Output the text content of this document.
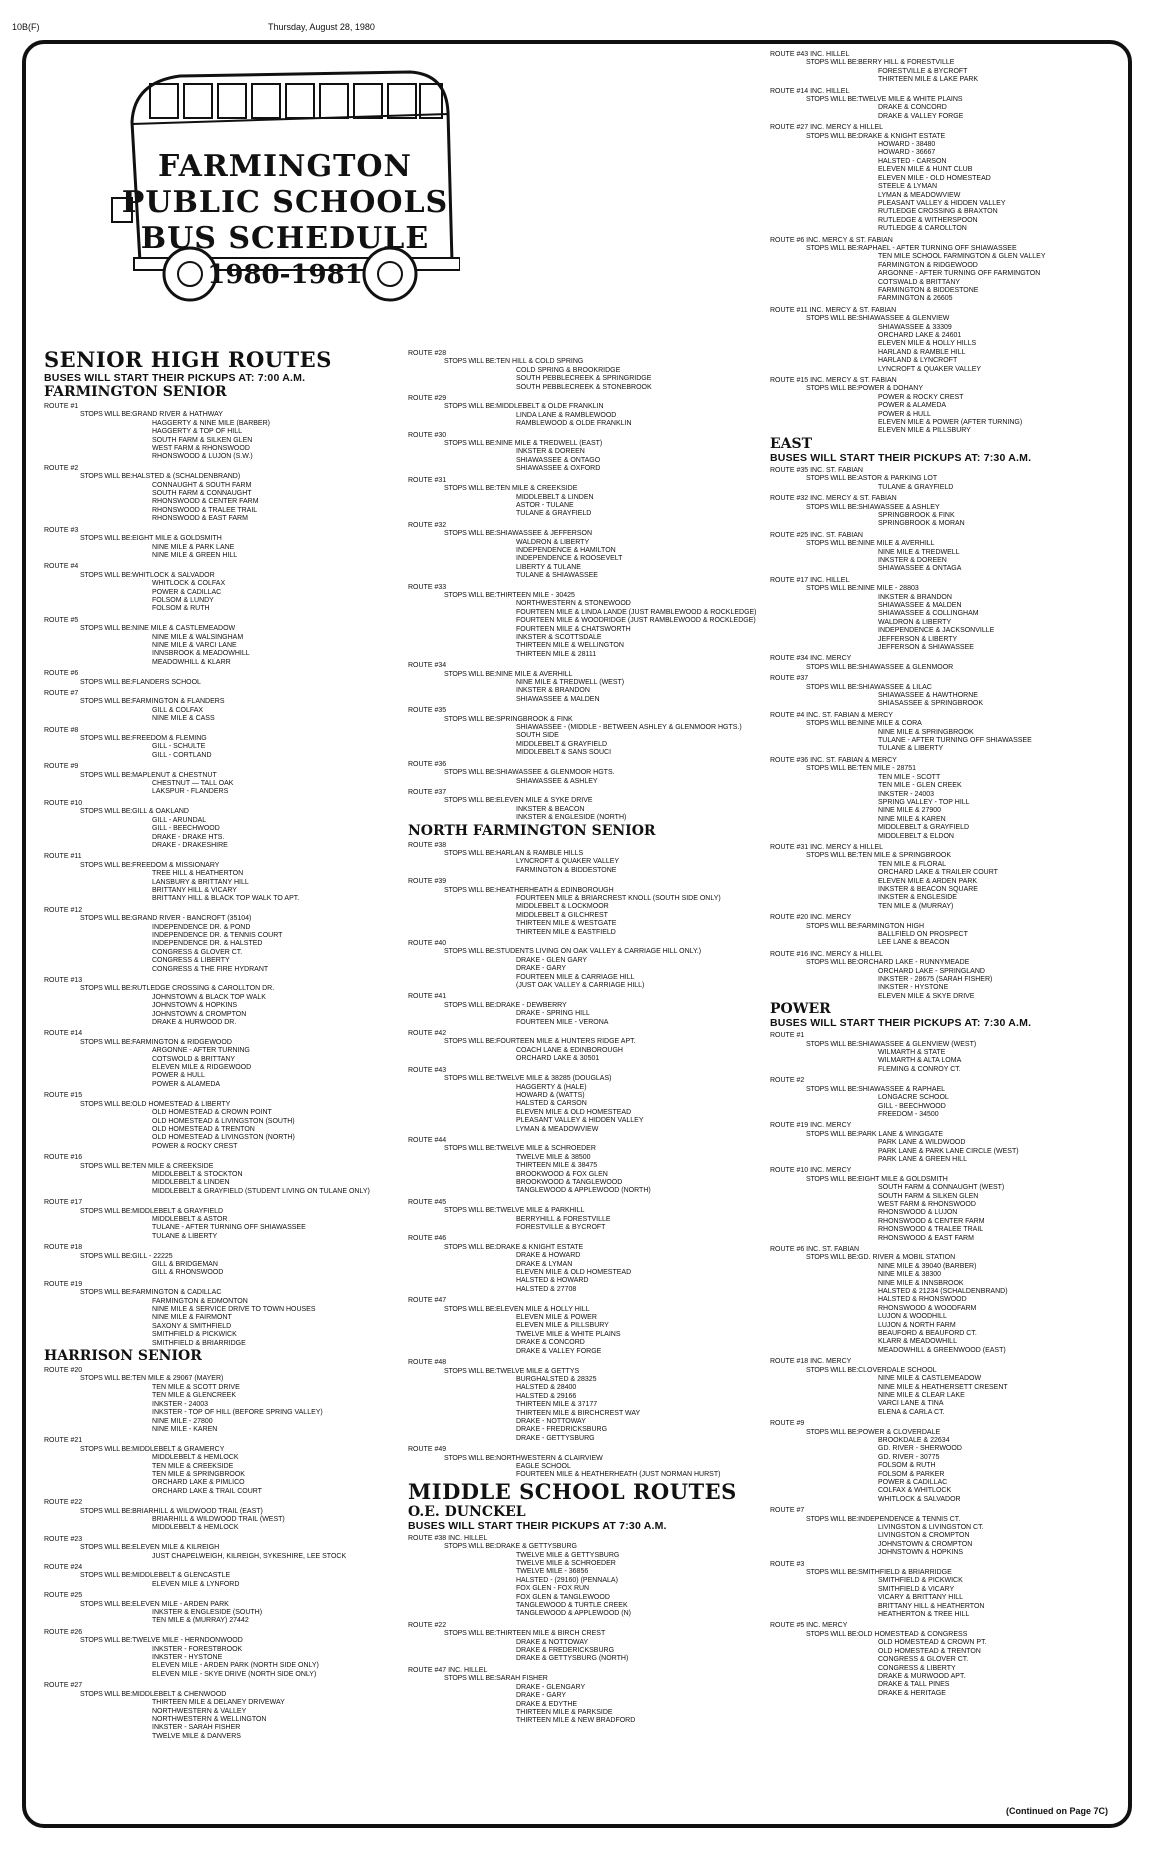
10B(F)	Thursday, August 28, 1980
FARMINGTON
PUBLIC SCHOOLS
BUS SCHEDULE
1980-1981
SENIOR HIGH ROUTES
BUSES WILL START THEIR PICKUPS AT: 7:00 A.M.
FARMINGTON SENIOR
ROUTE #1
STOPS WILL BE:GRAND RIVER & HATHWAY
HAGGERTY & NINE MILE (BARBER)
HAGGERTY & TOP OF HILL
SOUTH FARM & SILKEN GLEN
WEST FARM & RHONSWOOD
RHONSWOOD & LUJON (S.W.)
ROUTE #2
STOPS WILL BE:HALSTED & (SCHALDENBRAND)
CONNAUGHT & SOUTH FARM
SOUTH FARM & CONNAUGHT
RHONSWOOD & CENTER FARM
RHONSWOOD & TRALEE TRAIL
RHONSWOOD & EAST FARM
ROUTE #3
STOPS WILL BE:EIGHT MILE & GOLDSMITH
NINE MILE & PARK LANE
NINE MILE & GREEN HILL
ROUTE #4
STOPS WILL BE:WHITLOCK & SALVADOR
WHITLOCK & COLFAX
POWER & CADILLAC
FOLSOM & LUNDY
FOLSOM & RUTH
ROUTE #5
STOPS WILL BE:NINE MILE & CASTLEMEADOW
NINE MILE & WALSINGHAM
NINE MILE & VARCI LANE
INNSBROOK & MEADOWHILL
MEADOWHILL & KLARR
ROUTE #6
STOPS WILL BE:FLANDERS SCHOOL
ROUTE #7
STOPS WILL BE:FARMINGTON & FLANDERS
GILL & COLFAX
NINE MILE & CASS
ROUTE #8
STOPS WILL BE:FREEDOM & FLEMING
GILL - SCHULTE
GILL - CORTLAND
ROUTE #9
STOPS WILL BE:MAPLENUT & CHESTNUT
CHESTNUT — TALL OAK
LAKSPUR - FLANDERS
ROUTE #10
STOPS WILL BE:GILL & OAKLAND
GILL - ARUNDAL
GILL - BEECHWOOD
DRAKE - DRAKE HTS.
DRAKE - DRAKESHIRE
ROUTE #11
STOPS WILL BE:FREEDOM & MISSIONARY
TREE HILL & HEATHERTON
LANSBURY & BRITTANY HILL
BRITTANY HILL & VICARY
BRITTANY HILL & BLACK TOP WALK TO APT.
ROUTE #12
STOPS WILL BE:GRAND RIVER - BANCROFT (35104)
INDEPENDENCE DR. & POND
INDEPENDENCE DR. & TENNIS COURT
INDEPENDENCE DR. & HALSTED
CONGRESS & GLOVER CT.
CONGRESS & LIBERTY
CONGRESS & THE FIRE HYDRANT
ROUTE #13
STOPS WILL BE:RUTLEDGE CROSSING & CAROLLTON DR.
JOHNSTOWN & BLACK TOP WALK
JOHNSTOWN & HOPKINS
JOHNSTOWN & CROMPTON
DRAKE & HURWOOD DR.
ROUTE #14
STOPS WILL BE:FARMINGTON & RIDGEWOOD
ARGONNE - AFTER TURNING
COTSWOLD & BRITTANY
ELEVEN MILE & RIDGEWOOD
POWER & HULL
POWER & ALAMEDA
ROUTE #15
STOPS WILL BE:OLD HOMESTEAD & LIBERTY
OLD HOMESTEAD & CROWN POINT
OLD HOMESTEAD & LIVINGSTON (SOUTH)
OLD HOMESTEAD & TRENTON
OLD HOMESTEAD & LIVINGSTON (NORTH)
POWER & ROCKY CREST
ROUTE #16
STOPS WILL BE:TEN MILE & CREEKSIDE
MIDDLEBELT & STOCKTON
MIDDLEBELT & LINDEN
MIDDLEBELT & GRAYFIELD (STUDENT LIVING ON TULANE ONLY)
ROUTE #17
STOPS WILL BE:MIDDLEBELT & GRAYFIELD
MIDDLEBELT & ASTOR
TULANE - AFTER TURNING OFF SHIAWASSEE
TULANE & LIBERTY
ROUTE #18
STOPS WILL BE:GILL - 22225
GILL & BRIDGEMAN
GILL & RHONSWOOD
ROUTE #19
STOPS WILL BE:FARMINGTON & CADILLAC
FARMINGTON & EDMONTON
NINE MILE & SERVICE DRIVE TO TOWN HOUSES
NINE MILE & FAIRMONT
SAXONY & SMITHFIELD
SMITHFIELD & PICKWICK
SMITHFIELD & BRIARRIDGE
HARRISON SENIOR
ROUTE #20
STOPS WILL BE:TEN MILE & 29067 (MAYER)
TEN MILE & SCOTT DRIVE
TEN MILE & GLENCREEK
INKSTER - 24003
INKSTER - TOP OF HILL (BEFORE SPRING VALLEY)
NINE MILE - 27800
NINE MILE - KAREN
ROUTE #21
STOPS WILL BE:MIDDLEBELT & GRAMERCY
MIDDLEBELT & HEMLOCK
TEN MILE & CREEKSIDE
TEN MILE & SPRINGBROOK
ORCHARD LAKE & PIMLICO
ORCHARD LAKE & TRAIL COURT
ROUTE #22
STOPS WILL BE:BRIARHILL & WILDWOOD TRAIL (EAST)
BRIARHILL & WILDWOOD TRAIL (WEST)
MIDDLEBELT & HEMLOCK
ROUTE #23
STOPS WILL BE:ELEVEN MILE & KILREIGH
JUST CHAPELWEIGH, KILREIGH, SYKESHIRE, LEE STOCK
ROUTE #24
STOPS WILL BE:MIDDLEBELT & GLENCASTLE
ELEVEN MILE & LYNFORD
ROUTE #25
STOPS WILL BE:ELEVEN MILE - ARDEN PARK
INKSTER & ENGLESIDE (SOUTH)
TEN MILE & (MURRAY) 27442
ROUTE #26
STOPS WILL BE:TWELVE MILE - HERNDONWOOD
INKSTER - FORESTBROOK
INKSTER - HYSTONE
ELEVEN MILE - ARDEN PARK (NORTH SIDE ONLY)
ELEVEN MILE - SKYE DRIVE (NORTH SIDE ONLY)
ROUTE #27
STOPS WILL BE:MIDDLEBELT & CHENWOOD
THIRTEEN MILE & DELANEY DRIVEWAY
NORTHWESTERN & VALLEY
NORTHWESTERN & WELLINGTON
INKSTER - SARAH FISHER
TWELVE MILE & DANVERS
ROUTE #28
STOPS WILL BE:TEN HILL & COLD SPRING
COLD SPRING & BROOKRIDGE
SOUTH PEBBLECREEK & SPRINGRIDGE
SOUTH PEBBLECREEK & STONEBROOK
ROUTE #29
STOPS WILL BE:MIDDLEBELT & OLDE FRANKLIN
LINDA LANE & RAMBLEWOOD
RAMBLEWOOD & OLDE FRANKLIN
ROUTE #30
STOPS WILL BE:NINE MILE & TREDWELL (EAST)
INKSTER & DOREEN
SHIAWASSEE & ONTAGO
SHIAWASSEE & OXFORD
ROUTE #31
STOPS WILL BE:TEN MILE & CREEKSIDE
MIDDLEBELT & LINDEN
ASTOR - TULANE
TULANE & GRAYFIELD
ROUTE #32
STOPS WILL BE:SHIAWASSEE & JEFFERSON
WALDRON & LIBERTY
INDEPENDENCE & HAMILTON
INDEPENDENCE & ROOSEVELT
LIBERTY & TULANE
TULANE & SHIAWASSEE
ROUTE #33
STOPS WILL BE:THIRTEEN MILE - 30425
NORTHWESTERN & STONEWOOD
FOURTEEN MILE & LINDA LANDE (JUST RAMBLEWOOD & ROCKLEDGE)
FOURTEEN MILE & WOODRIDGE (JUST RAMBLEWOOD & ROCKLEDGE)
FOURTEEN MILE & CHATSWORTH
INKSTER & SCOTTSDALE
THIRTEEN MILE & WELLINGTON
THIRTEEN MILE & 28111
ROUTE #34
STOPS WILL BE:NINE MILE & AVERHILL
NINE MILE & TREDWELL (WEST)
INKSTER & BRANDON
SHIAWASSEE & MALDEN
ROUTE #35
STOPS WILL BE:SPRINGBROOK & FINK
SHIAWASSEE - (MIDDLE - BETWEEN ASHLEY & GLENMOOR HGTS.) SOUTH SIDE
MIDDLEBELT & GRAYFIELD
MIDDLEBELT & SANS SOUCI
ROUTE #36
STOPS WILL BE:SHIAWASSEE & GLENMOOR HGTS.
SHIAWASSEE & ASHLEY
ROUTE #37
STOPS WILL BE:ELEVEN MILE & SYKE DRIVE
INKSTER & BEACON
INKSTER & ENGLESIDE (NORTH)
NORTH FARMINGTON SENIOR
ROUTE #38
STOPS WILL BE:HARLAN & RAMBLE HILLS
LYNCROFT & QUAKER VALLEY
FARMINGTON & BIDDESTONE
ROUTE #39
STOPS WILL BE:HEATHERHEATH & EDINBOROUGH
FOURTEEN MILE & BRIARCREST KNOLL (SOUTH SIDE ONLY)
MIDDLEBELT & LOCKMOOR
MIDDLEBELT & GILCHREST
THIRTEEN MILE & WESTGATE
THIRTEEN MILE & EASTFIELD
ROUTE #40
STOPS WILL BE:STUDENTS LIVING ON OAK VALLEY & CARRIAGE HILL ONLY.)
DRAKE - GLEN GARY
DRAKE - GARY
FOURTEEN MILE & CARRIAGE HILL
(JUST OAK VALLEY & CARRIAGE HILL)
ROUTE #41
STOPS WILL BE:DRAKE - DEWBERRY
DRAKE - SPRING HILL
FOURTEEN MILE - VERONA
ROUTE #42
STOPS WILL BE:FOURTEEN MILE & HUNTERS RIDGE APT.
COACH LANE & EDINBOROUGH
ORCHARD LAKE & 30501
ROUTE #43
STOPS WILL BE:TWELVE MILE & 38285 (DOUGLAS)
HAGGERTY & (HALE)
HOWARD & (WATTS)
HALSTED & CARSON
ELEVEN MILE & OLD HOMESTEAD
PLEASANT VALLEY & HIDDEN VALLEY
LYMAN & MEADOWVIEW
ROUTE #44
STOPS WILL BE:TWELVE MILE & SCHROEDER
TWELVE MILE & 38500
THIRTEEN MILE & 38475
BROOKWOOD & FOX GLEN
BROOKWOOD & TANGLEWOOD
TANGLEWOOD & APPLEWOOD (NORTH)
ROUTE #45
STOPS WILL BE:TWELVE MILE & PARKHILL
BERRYHILL & FORESTVILLE
FORESTVILLE & BYCROFT
ROUTE #46
STOPS WILL BE:DRAKE & KNIGHT ESTATE
DRAKE & HOWARD
DRAKE & LYMAN
ELEVEN MILE & OLD HOMESTEAD
HALSTED & HOWARD
HALSTED & 27708
ROUTE #47
STOPS WILL BE:ELEVEN MILE & HOLLY HILL
ELEVEN MILE & POWER
ELEVEN MILE & PILLSBURY
TWELVE MILE & WHITE PLAINS
DRAKE & CONCORD
DRAKE & VALLEY FORGE
ROUTE #48
STOPS WILL BE:TWELVE MILE & GETTYS
BURGHALSTED & 28325
HALSTED & 28400
HALSTED & 29166
THIRTEEN MILE & 37177
THIRTEEN MILE & BIRCHCREST WAY
DRAKE - NOTTOWAY
DRAKE - FREDRICKSBURG
DRAKE - GETTYSBURG
ROUTE #49
STOPS WILL BE:NORTHWESTERN & CLAIRVIEW
EAGLE SCHOOL
FOURTEEN MILE & HEATHERHEATH (JUST NORMAN HURST)
MIDDLE SCHOOL ROUTES
O.E. DUNCKEL
BUSES WILL START THEIR PICKUPS AT 7:30 A.M.
ROUTE #38 INC. HILLEL
STOPS WILL BE:DRAKE & GETTYSBURG
TWELVE MILE & GETTYSBURG
TWELVE MILE & SCHROEDER
TWELVE MILE - 36856
HALSTED - (29160) (PENNALA)
FOX GLEN - FOX RUN
FOX GLEN & TANGLEWOOD
TANGLEWOOD & TURTLE CREEK
TANGLEWOOD & APPLEWOOD (N)
ROUTE #22
STOPS WILL BE:THIRTEEN MILE & BIRCH CREST
DRAKE & NOTTOWAY
DRAKE & FREDERICKSBURG
DRAKE & GETTYSBURG (NORTH)
ROUTE #47 INC. HILLEL
STOPS WILL BE:SARAH FISHER
DRAKE - GLENGARY
DRAKE - GARY
DRAKE & EDYTHE
THIRTEEN MILE & PARKSIDE
THIRTEEN MILE & NEW BRADFORD
ROUTE #43 INC. HILLEL
STOPS WILL BE:BERRY HILL & FORESTVILLE
FORESTVILLE & BYCROFT
THIRTEEN MILE & LAKE PARK
ROUTE #14 INC. HILLEL
STOPS WILL BE:TWELVE MILE & WHITE PLAINS
DRAKE & CONCORD
DRAKE & VALLEY FORGE
ROUTE #27 INC. MERCY & HILLEL
STOPS WILL BE:DRAKE & KNIGHT ESTATE
HOWARD - 38480
HOWARD - 36667
HALSTED - CARSON
ELEVEN MILE & HUNT CLUB
ELEVEN MILE - OLD HOMESTEAD
STEELE & LYMAN
LYMAN & MEADOWVIEW
PLEASANT VALLEY & HIDDEN VALLEY
RUTLEDGE CROSSING & BRAXTON
RUTLEDGE & WITHERSPOON
RUTLEDGE & CAROLLTON
ROUTE #6 INC. MERCY & ST. FABIAN
STOPS WILL BE:RAPHAEL - AFTER TURNING OFF SHIAWASSEE
TEN MILE SCHOOL FARMINGTON & GLEN VALLEY
FARMINGTON & RIDGEWOOD
ARGONNE - AFTER TURNING OFF FARMINGTON
COTSWALD & BRITTANY
FARMINGTON & BIDDESTONE
FARMINGTON & 26605
ROUTE #11 INC. MERCY & ST. FABIAN
STOPS WILL BE:SHIAWASSEE & GLENVIEW
SHIAWASSEE & 33309
ORCHARD LAKE & 24601
ELEVEN MILE & HOLLY HILLS
HARLAND & RAMBLE HILL
HARLAND & LYNCROFT
LYNCROFT & QUAKER VALLEY
ROUTE #15 INC. MERCY & ST. FABIAN
STOPS WILL BE:POWER & DOHANY
POWER & ROCKY CREST
POWER & ALAMEDA
POWER & HULL
ELEVEN MILE & POWER (AFTER TURNING)
ELEVEN MILE & PILLSBURY
EAST
BUSES WILL START THEIR PICKUPS AT: 7:30 A.M.
ROUTE #35 INC. ST. FABIAN
STOPS WILL BE:ASTOR & PARKING LOT
TULANE & GRAYFIELD
ROUTE #32 INC. MERCY & ST. FABIAN
STOPS WILL BE:SHIAWASSEE & ASHLEY
SPRINGBROOK & FINK
SPRINGBROOK & MORAN
ROUTE #25 INC. ST. FABIAN
STOPS WILL BE:NINE MILE & AVERHILL
NINE MILE & TREDWELL
INKSTER & DOREEN
SHIAWASSEE & ONTAGA
ROUTE #17 INC. HILLEL
STOPS WILL BE:NINE MILE - 28803
INKSTER & BRANDON
SHIAWASSEE & MALDEN
SHIAWASSEE & COLLINGHAM
WALDRON & LIBERTY
INDEPENDENCE & JACKSONVILLE
JEFFERSON & LIBERTY
JEFFERSON & SHIAWASSEE
ROUTE #34 INC. MERCY
STOPS WILL BE:SHIAWASSEE & GLENMOOR
ROUTE #37
STOPS WILL BE:SHIAWASSEE & LILAC
SHIAWASSEE & HAWTHORNE
SHIASASSEE & SPRINGBROOK
ROUTE #4 INC. ST. FABIAN & MERCY
STOPS WILL BE:NINE MILE & CORA
NINE MILE & SPRINGBROOK
TULANE - AFTER TURNING OFF SHIAWASSEE
TULANE & LIBERTY
ROUTE #36 INC. ST. FABIAN & MERCY
STOPS WILL BE:TEN MILE - 28751
TEN MILE - SCOTT
TEN MILE - GLEN CREEK
INKSTER - 24003
SPRING VALLEY - TOP HILL
NINE MILE & 27900
NINE MILE & KAREN
MIDDLEBELT & GRAYFIELD
MIDDLEBELT & ELDON
ROUTE #31 INC. MERCY & HILLEL
STOPS WILL BE:TEN MILE & SPRINGBROOK
TEN MILE & FLORAL
ORCHARD LAKE & TRAILER COURT
ELEVEN MILE & ARDEN PARK
INKSTER & BEACON SQUARE
INKSTER & ENGLESIDE
TEN MILE & (MURRAY)
ROUTE #20 INC. MERCY
STOPS WILL BE:FARMINGTON HIGH
BALLFIELD ON PROSPECT
LEE LANE & BEACON
ROUTE #16 INC. MERCY & HILLEL
STOPS WILL BE:ORCHARD LAKE - RUNNYMEADE
ORCHARD LAKE - SPRINGLAND
INKSTER - 28675 (SARAH FISHER)
INKSTER - HYSTONE
ELEVEN MILE & SKYE DRIVE
POWER
BUSES WILL START THEIR PICKUPS AT: 7:30 A.M.
ROUTE #1
STOPS WILL BE:SHIAWASSEE & GLENVIEW (WEST)
WILMARTH & STATE
WILMARTH & ALTA LOMA
FLEMING & CONROY CT.
ROUTE #2
STOPS WILL BE:SHIAWASSEE & RAPHAEL
LONGACRE SCHOOL
GILL - BEECHWOOD
FREEDOM - 34500
ROUTE #19 INC. MERCY
STOPS WILL BE:PARK LANE & WINGGATE
PARK LANE & WILDWOOD
PARK LANE & PARK LANE CIRCLE (WEST)
PARK LANE & GREEN HILL
ROUTE #10 INC. MERCY
STOPS WILL BE:EIGHT MILE & GOLDSMITH
SOUTH FARM & CONNAUGHT (WEST)
SOUTH FARM & SILKEN GLEN
WEST FARM & RHONSWOOD
RHONSWOOD & LUJON
RHONSWOOD & CENTER FARM
RHONSWOOD & TRALEE TRAIL
RHONSWOOD & EAST FARM
ROUTE #6 INC. ST. FABIAN
STOPS WILL BE:GD. RIVER & MOBIL STATION
NINE MILE & 39040 (BARBER)
NINE MILE & 38300
NINE MILE & INNSBROOK
HALSTED & 21234 (SCHALDENBRAND)
HALSTED & RHONSWOOD
RHONSWOOD & WOODFARM
LUJON & WOODHILL
LUJON & NORTH FARM
BEAUFORD & BEAUFORD CT.
KLARR & MEADOWHILL
MEADOWHILL & GREENWOOD (EAST)
ROUTE #18 INC. MERCY
STOPS WILL BE:CLOVERDALE SCHOOL
NINE MILE & CASTLEMEADOW
NINE MILE & HEATHERSETT CRESENT
NINE MILE & CLEAR LAKE
VARCI LANE & TINA
ELENA & CARLA CT.
ROUTE #9
STOPS WILL BE:POWER & CLOVERDALE
BROOKDALE & 22634
GD. RIVER - SHERWOOD
GD. RIVER - 30775
FOLSOM & RUTH
FOLSOM & PARKER
POWER & CADILLAC
COLFAX & WHITLOCK
WHITLOCK & SALVADOR
ROUTE #7
STOPS WILL BE:INDEPENDENCE & TENNIS CT.
LIVINGSTON & LIVINGSTON CT.
LIVINGSTON & CROMPTON
JOHNSTOWN & CROMPTON
JOHNSTOWN & HOPKINS
ROUTE #3
STOPS WILL BE:SMITHFIELD & BRIARRIDGE
SMITHFIELD & PICKWICK
SMITHFIELD & VICARY
VICARY & BRITTANY HILL
BRITTANY HILL & HEATHERTON
HEATHERTON & TREE HILL
ROUTE #5 INC. MERCY
STOPS WILL BE:OLD HOMESTEAD & CONGRESS
OLD HOMESTEAD & CROWN PT.
OLD HOMESTEAD & TRENTON
CONGRESS & GLOVER CT.
CONGRESS & LIBERTY
DRAKE & MURWOOD APT.
DRAKE & TALL PINES
DRAKE & HERITAGE
(Continued on Page 7C)
